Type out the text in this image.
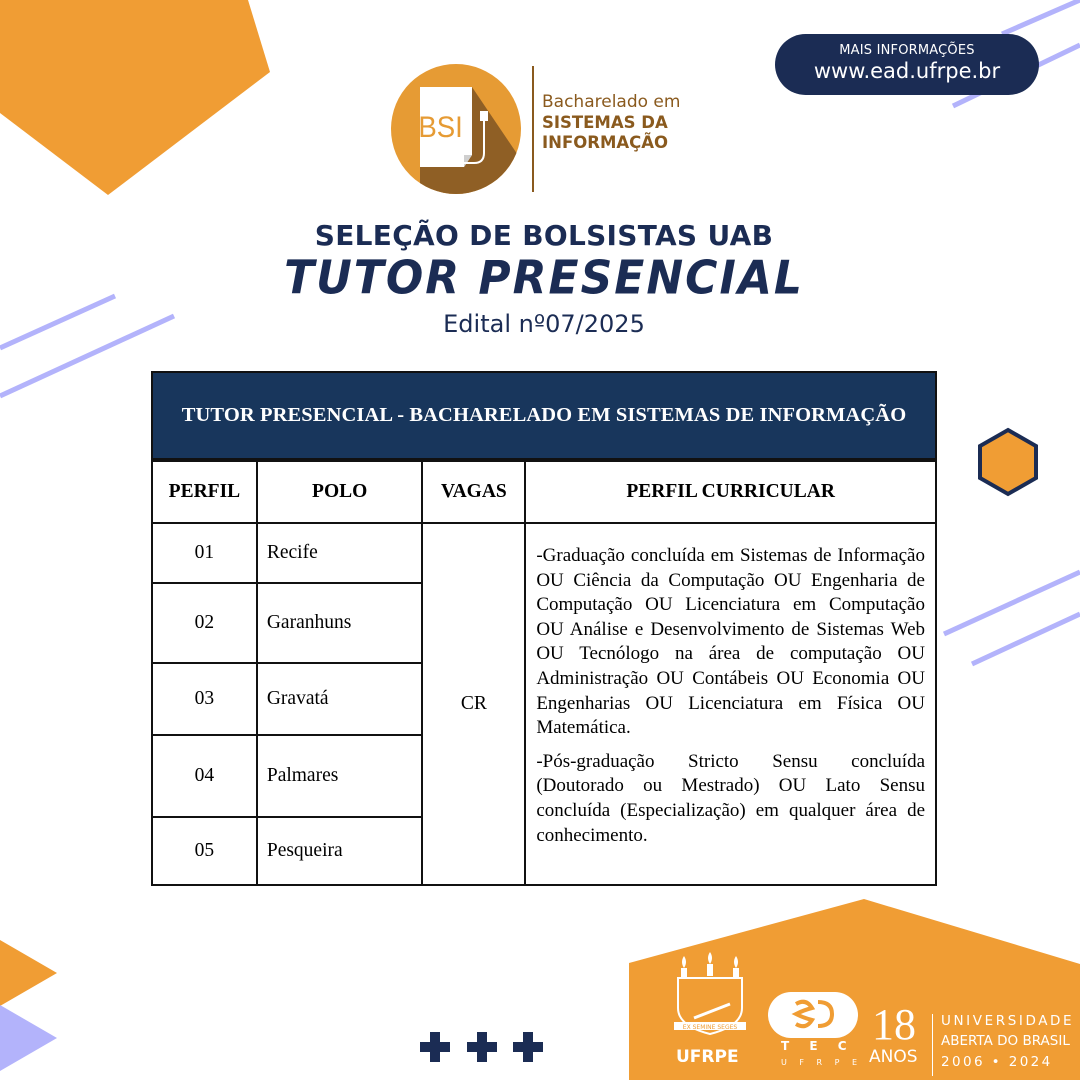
MAIS INFORMAÇÕES
www.ead.ufrpe.br
BSI
Bacharelado em
SISTEMAS DA
INFORMAÇÃO
SELEÇÃO DE BOLSISTAS UAB
TUTOR PRESENCIAL
Edital nº07/2025
TUTOR PRESENCIAL - BACHARELADO EM SISTEMAS DE INFORMAÇÃO
PERFIL	POLO	VAGAS	PERFIL CURRICULAR
01	Recife	CR	-Graduação concluída em Sistemas de Informação OU Ciência da Computação OU Engenharia de Computação OU Licenciatura em Computação OU Análise e Desenvolvimento de Sistemas Web OU Tecnólogo na área de computação OU Administração OU Contábeis OU Economia OU Engenharias OU Licenciatura em Física OU Matemática.

-Pós-graduação Stricto Sensu concluída (Doutorado ou Mestrado) OU Lato Sensu concluída (Especialização) em qualquer área de conhecimento.

02	Garanhuns		
03	Gravatá		
04	Palmares		
05	Pesqueira		
EX SEMINE SEGES
UFRPE
T E C
U F R P E
18
ANOS
UNIVERSIDADE
ABERTA DO BRASIL
2006 • 2024
